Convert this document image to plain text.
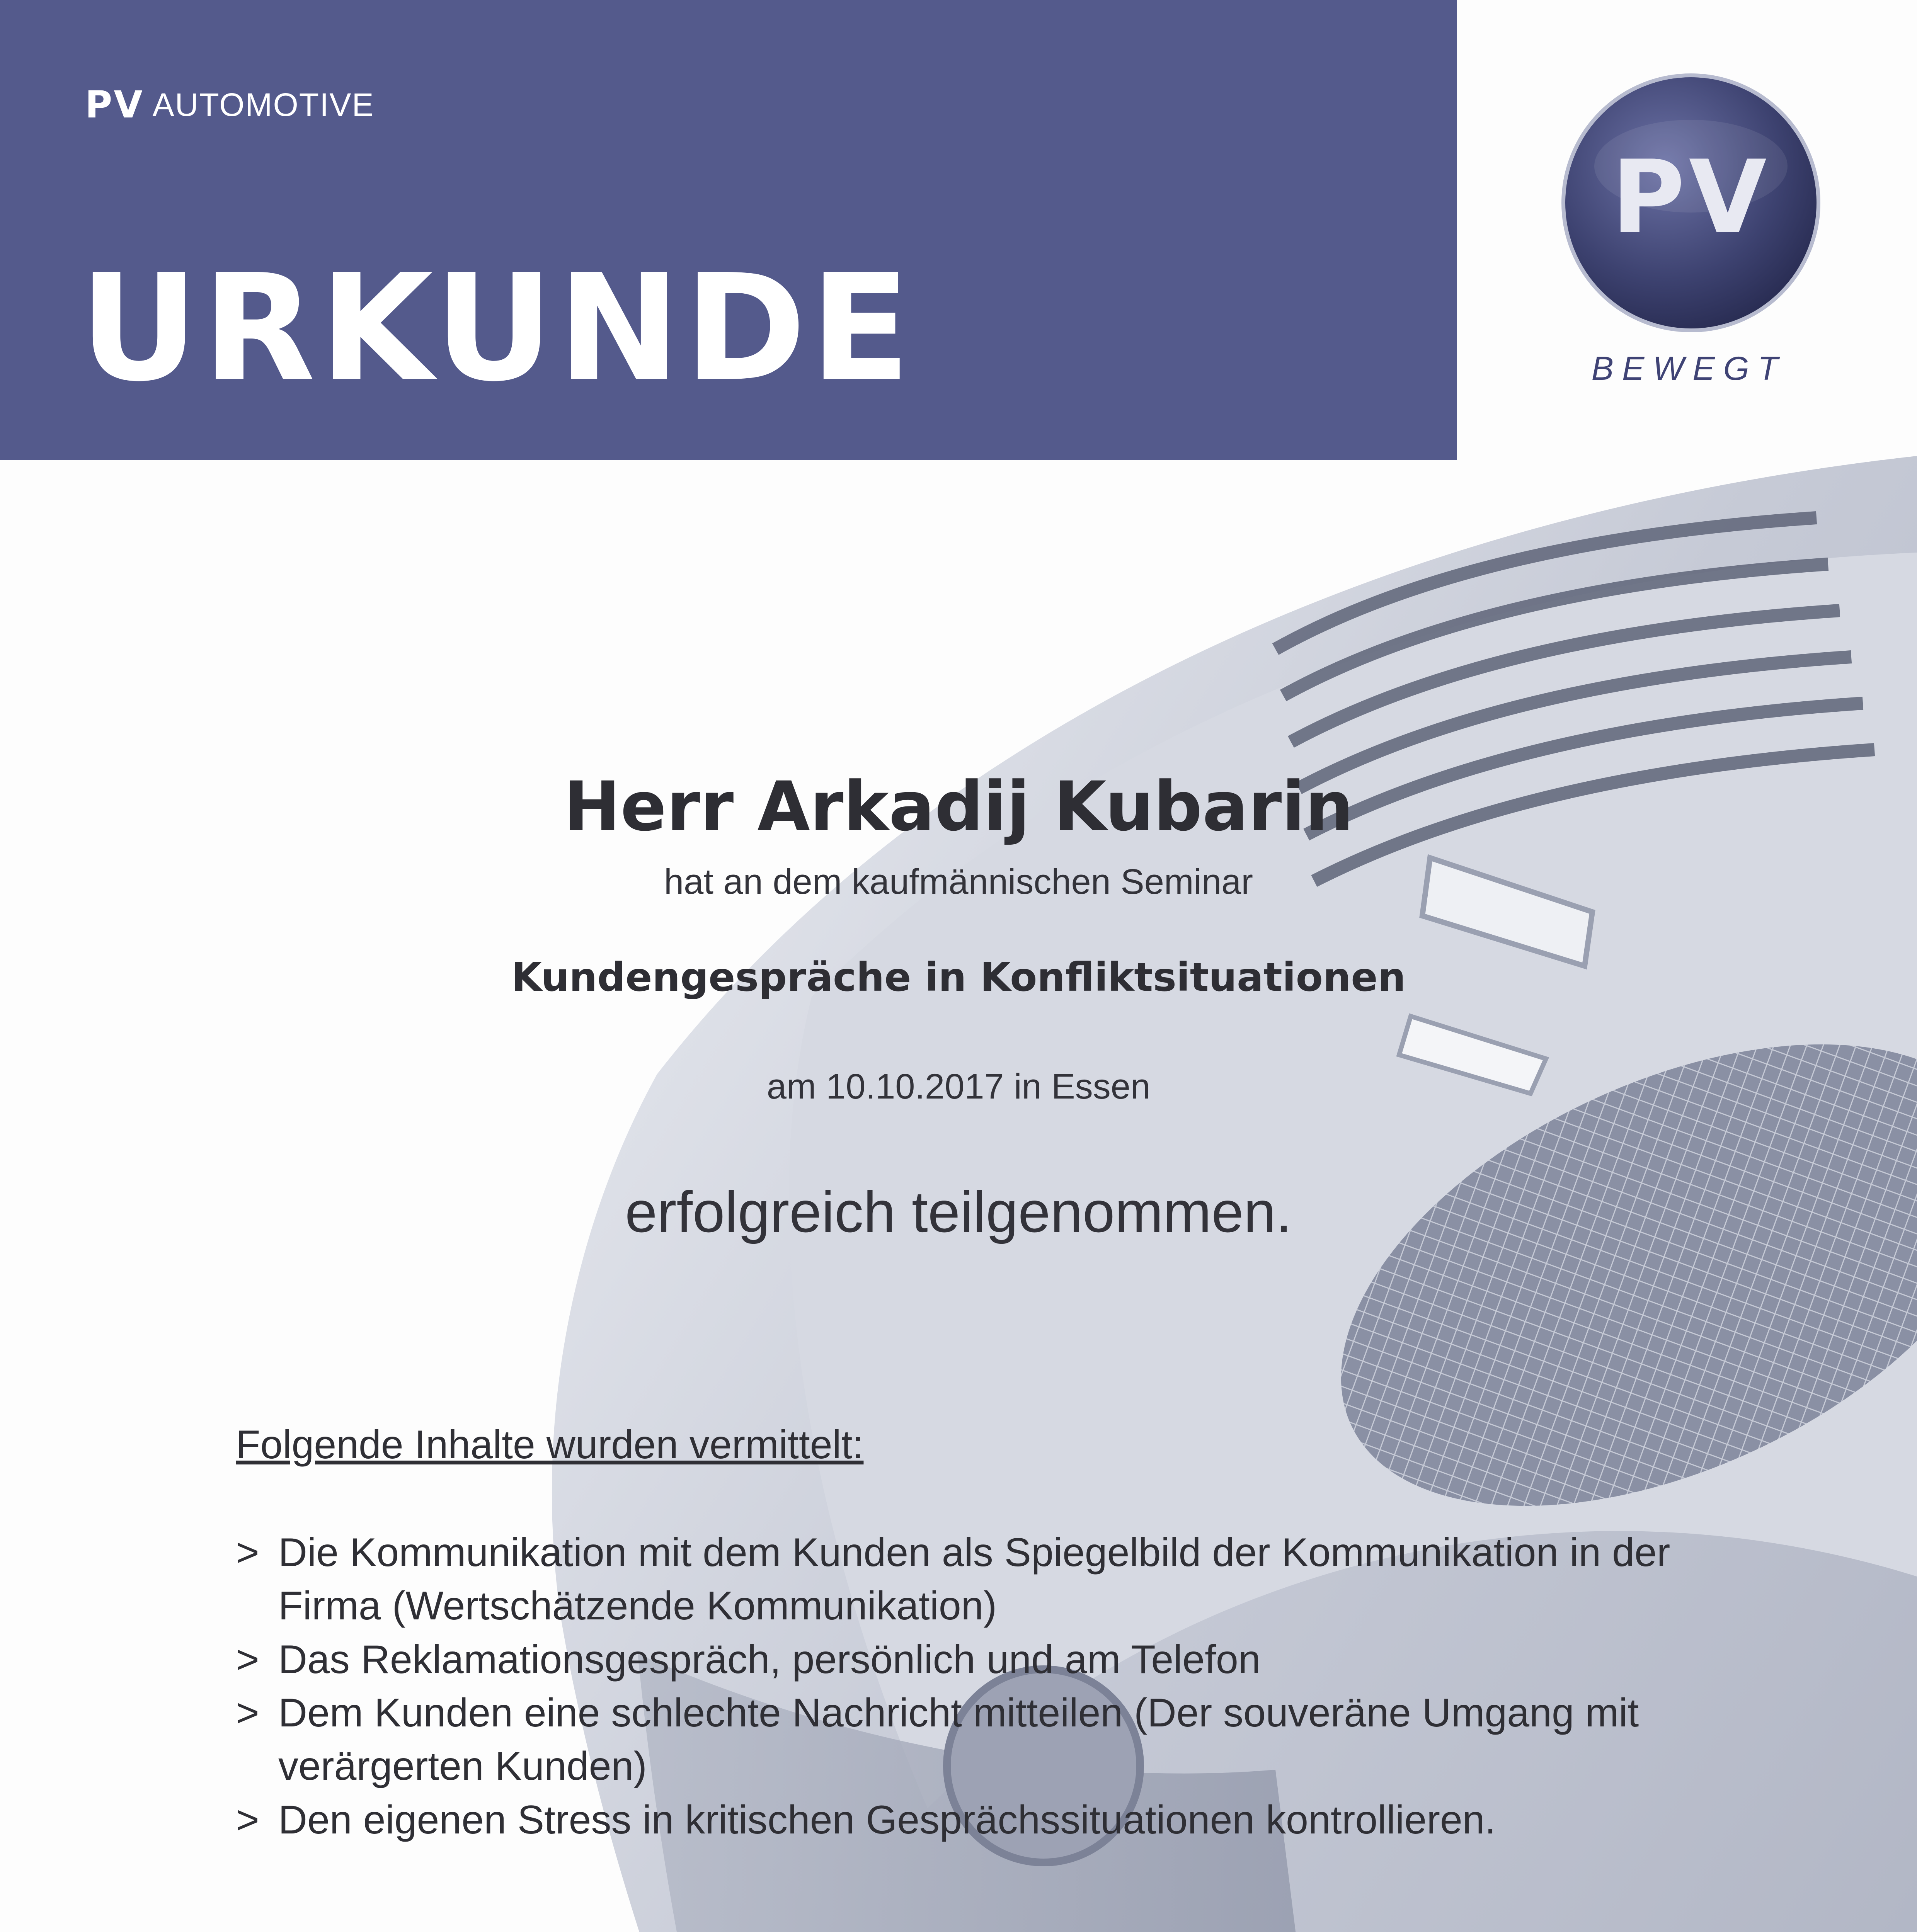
PV AUTOMOTIVE
URKUNDE
PV
BEWEGT
Herr Arkadij Kubarin
hat an dem kaufmännischen Seminar
Kundengespräche in Konfliktsituationen
am 10.10.2017 in Essen
erfolgreich teilgenommen.
Folgende Inhalte wurden vermittelt:
> Die Kommunikation mit dem Kunden als Spiegelbild der Kommunikation in der Firma (Wertschätzende Kommunikation)
> Das Reklamationsgespräch, persönlich und am Telefon
> Dem Kunden eine schlechte Nachricht mitteilen (Der souveräne Umgang mit verärgerten Kunden)
> Den eigenen Stress in kritischen Gesprächssituationen kontrollieren.
